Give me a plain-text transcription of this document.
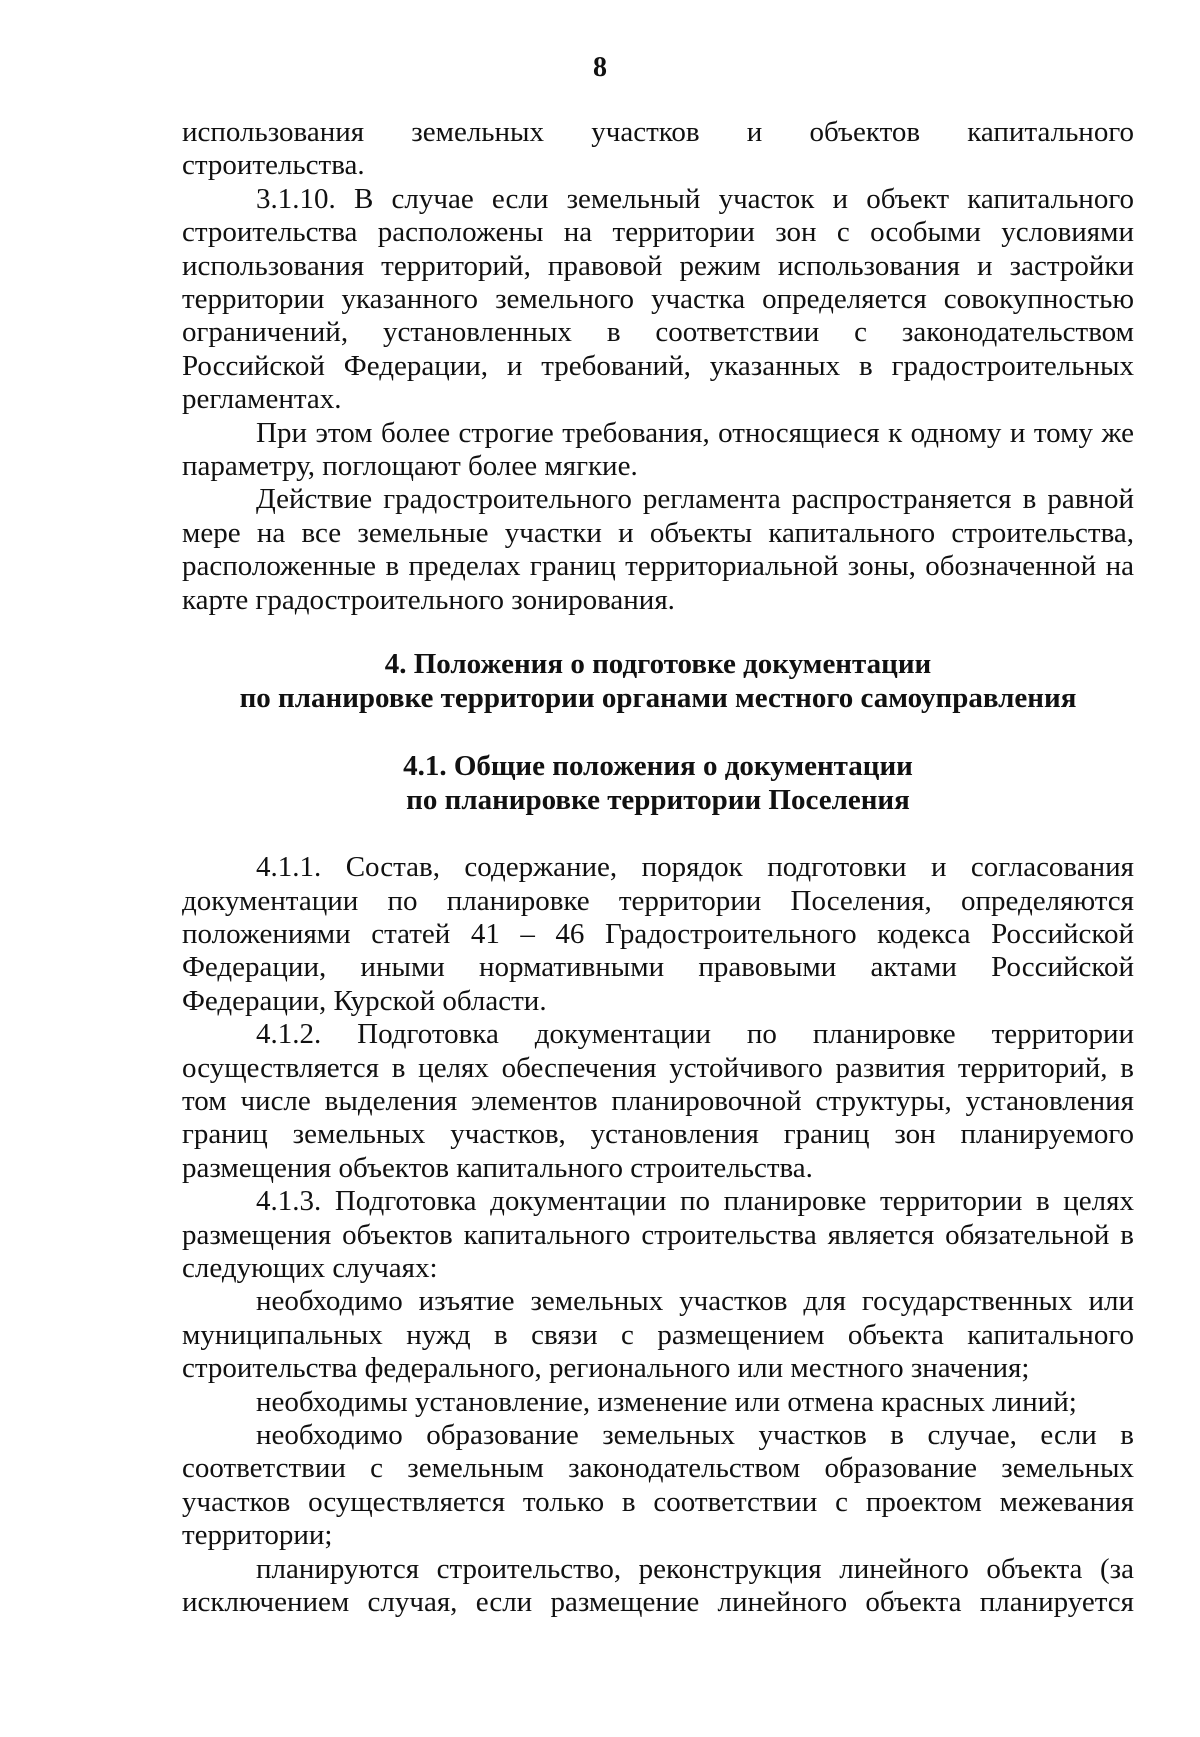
8

использования земельных участков и объектов капитального

строительства.

3.1.10. В случае если земельный участок и объект капитального строительства расположены на территории зон с особыми условиями использования территорий, правовой режим использования и застройки территории указанного земельного участка определяется совокупностью ограничений, установленных в соответствии с законодательством Российской Федерации, и требований, указанных в градостроительных регламентах.

При этом более строгие требования, относящиеся к одному и тому же параметру, поглощают более мягкие.

Действие градостроительного регламента распространяется в равной мере на все земельные участки и объекты капитального строительства, расположенные в пределах границ территориальной зоны, обозначенной на карте градостроительного зонирования.

4. Положения о подготовке документации
по планировке территории органами местного самоуправления
4.1. Общие положения о документации
по планировке территории Поселения

4.1.1. Состав, содержание, порядок подготовки и согласования документации по планировке территории Поселения, определяются положениями статей 41 – 46 Градостроительного кодекса Российской Федерации, иными нормативными правовыми актами Российской Федерации, Курской области.

4.1.2. Подготовка документации по планировке территории осуществляется в целях обеспечения устойчивого развития территорий, в том числе выделения элементов планировочной структуры, установления границ земельных участков, установления границ зон планируемого размещения объектов капитального строительства.

4.1.3. Подготовка документации по планировке территории в целях размещения объектов капитального строительства является обязательной в следующих случаях:

необходимо изъятие земельных участков для государственных или муниципальных нужд в связи с размещением объекта капитального строительства федерального, регионального или местного значения;

необходимы установление, изменение или отмена красных линий;

необходимо образование земельных участков в случае, если в соответствии с земельным законодательством образование земельных участков осуществляется только в соответствии с проектом межевания территории;

планируются строительство, реконструкция линейного объекта (за исключением случая, если размещение линейного объекта планируется
